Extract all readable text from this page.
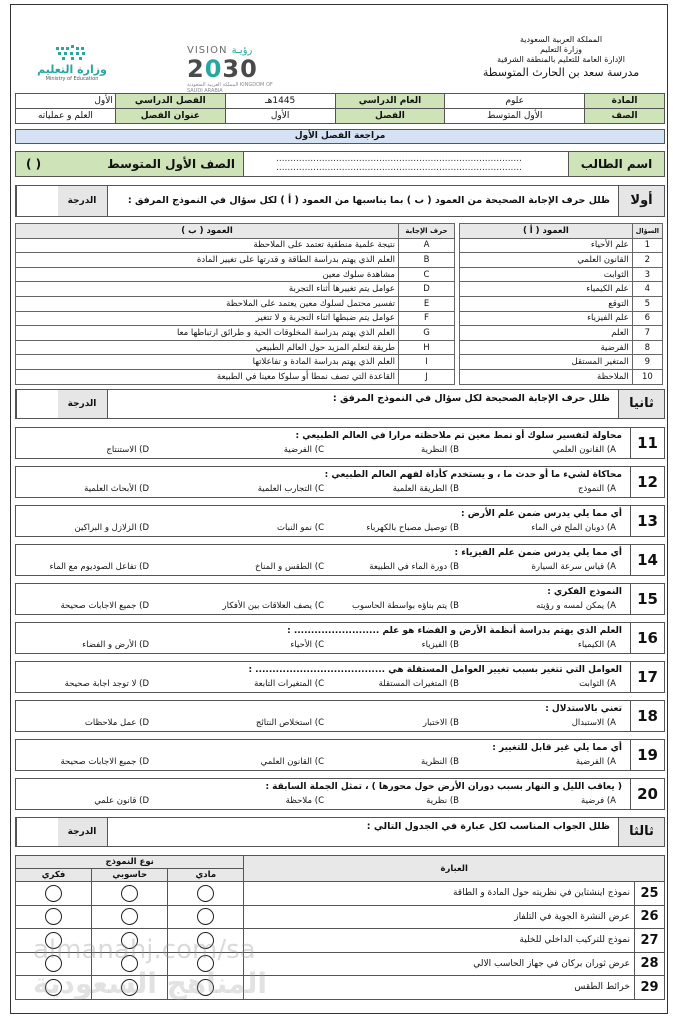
المملكة العربية السعودية
وزارة التعليم
الإدارة العامة للتعليم بالمنطقة الشرقية
مدرسة سعد بن الحارث المتوسطة
VISION رؤيـة
2030
المملكة العربية السعودية KINGDOM OF SAUDI ARABIA
وزارة التعليم
Ministry of Education
المادة	علوم	العام الدراسي	1445هـ	الفصل الدراسي	الأول
الصف	الأول المتوسط	الفصل	الأول	عنوان الفصل	العلم و عملياته
مراجعة الفصل الأول
اسم الطالب
......................................................................................
......................................................................................
الصف الأول المتوسط
( )
أولا
ظلل حرف الإجابة الصحيحة من العمود ( ب ) بما يناسبها من العمود ( أ ) لكل سؤال في النموذج المرفق :
الدرجة
السؤال	العمود ( أ )
1	علم الأحياء
2	القانون العلمي
3	الثوابت
4	علم الكيمياء
5	التوقع
6	علم الفيزياء
7	العلم
8	الفرضية
9	المتغير المستقل
10	الملاحظة
حرف الإجابة	العمود ( ب )
A	نتيجة علمية منطقية تعتمد على الملاحظة
B	العلم الذي يهتم بدراسة الطاقة و قدرتها على تغيير المادة
C	مشاهدة سلوك معين
D	عوامل يتم تغييرها أثناء التجربة
E	تفسير محتمل لسلوك معين يعتمد على الملاحظة
F	عوامل يتم ضبطها اثناء التجربة و لا تتغير
G	العلم الذي يهتم بدراسة المخلوقات الحية و طرائق ارتباطها معا
H	طريقة لتعلم المزيد حول العالم الطبيعي
I	العلم الذي يهتم بدراسة المادة و تفاعلاتها
J	القاعدة التي تصف نمطا أو سلوكا معينا في الطبيعة
ثانيا
ظلل حرف الإجابة الصحيحة لكل سؤال في النموذج المرفق :
الدرجة
11
محاولة لتفسير سلوك أو نمط معين تم ملاحظته مرارا في العالم الطبيعي :
A) القانون العلمي
B) النظرية
C) الفرضية
D) الاستنتاج
12
محاكاة لشيء ما أو حدث ما ، و يستخدم كأداة لفهم العالم الطبيعي :
A) النموذج
B) الطريقة العلمية
C) التجارب العلمية
D) الأبحاث العلمية
13
أي مما يلي يدرس ضمن علم الأرض :
A) ذوبان الملح في الماء
B) توصيل مصباح بالكهرباء
C) نمو النبات
D) الزلازل و البراكين
14
أي مما يلي يدرس ضمن علم الفيزياء :
A) قياس سرعة السيارة
B) دورة الماء في الطبيعة
C) الطقس و المناخ
D) تفاعل الصوديوم مع الماء
15
النموذج الفكري :
A) يمكن لمسه و رؤيته
B) يتم بناؤه بواسطة الحاسوب
C) يصف العلاقات بين الأفكار
D) جميع الاجابات صحيحة
16
العلم الذي يهتم بدراسة أنظمة الأرض و الفضاء هو علم ......................... :
A) الكيمياء
B) الفيزياء
C) الأحياء
D) الأرض و الفضاء
17
العوامل التي تتغير بسبب تغيير العوامل المستقلة هي ...................................... :
A) الثوابت
B) المتغيرات المستقلة
C) المتغيرات التابعة
D) لا توجد اجابة صحيحة
18
تعني بالاستدلال :
A) الاستبدال
B) الاختبار
C) استخلاص النتائج
D) عمل ملاحظات
19
أي مما يلي غير قابل للتغيير :
A) الفرضية
B) النظرية
C) القانون العلمي
D) جميع الاجابات صحيحة
20
( يعاقب الليل و النهار بسبب دوران الأرض حول محورها ) ، تمثل الجملة السابقة :
A) فرضية
B) نظرية
C) ملاحظة
D) قانون علمي
ثالثا
ظلل الجواب المناسب لكل عبارة في الجدول التالي :
الدرجة
العبارة		نوع النموذج		
		مادي	حاسوبي	فكري
25	نموذج اينشتاين في نظريته حول المادة و الطاقة			
26	عرض النشرة الجوية في التلفاز			
27	نموذج للتركيب الداخلي للخلية			
28	عرض ثوران بركان في جهاز الحاسب الالي			
29	خرائط الطقس			
almanahj.com/sa
المناهج السعودية
